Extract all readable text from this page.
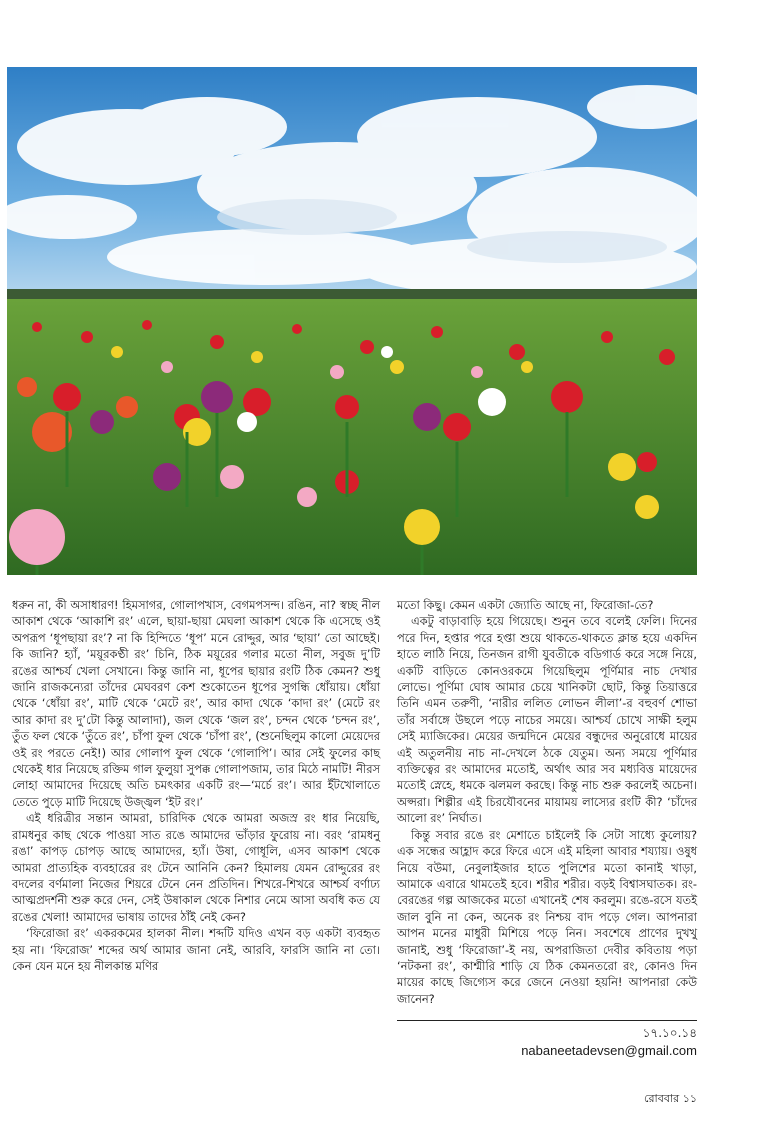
ধরুন না, কী অসাধারণ! হিমসাগর, গোলাপখাস, বেগমপসন্দ। রঙিন, না? স্বচ্ছ নীল আকাশ থেকে ‘আকাশি রং’ এলে, ছায়া-ছায়া মেঘলা আকাশ থেকে কি এসেছে ওই অপরূপ ‘ধূপছায়া রং’? না কি হিন্দিতে ‘ধূপ’ মনে রোদ্দুর, আর ‘ছায়া’ তো আছেই। কি জানি? হ্যাঁ, ‘ময়ূরকণ্ঠী রং’ চিনি, ঠিক ময়ূরের গলার মতো নীল, সবুজ দু’টি রঙের আশ্চর্য খেলা সেখানে। কিন্তু জানি না, ধূপের ছায়ার রংটি ঠিক কেমন? শুধু জানি রাজকন্যেরা তাঁদের মেঘবরণ কেশ শুকোতেন ধূপের সুগন্ধি ধোঁয়ায়। ধোঁয়া থেকে ‘ধোঁয়া রং’, মাটি থেকে ‘মেটে রং’, আর কাদা থেকে ‘কাদা রং’ (মেটে রং আর কাদা রং দু’টো কিন্তু আলাদা), জল থেকে ‘জল রং’, চন্দন থেকে ‘চন্দন রং’, তুঁত ফল থেকে ‘তুঁতে রং’, চাঁপা ফুল থেকে ‘চাঁপা রং’, (শুনেছিলুম কালো মেয়েদের ওই রং পরতে নেই!) আর গোলাপ ফুল থেকে ‘গোলাপি’। আর সেই ফুলের কাছ থেকেই ধার নিয়েছে রক্তিম গাল ফুলুয়া সুপক্ক গোলাপজাম, তার মিঠে নামটি! নীরস লোহা আমাদের দিয়েছে অতি চমৎকার একটি রং—‘মর্চে রং’। আর ইঁটখোলাতে তেতে পুড়ে মাটি দিয়েছে উজ্জ্বল ‘ইট রং।’

এই ধরিত্রীর সন্তান আমরা, চারিদিক থেকে আমরা অজস্র রং ধার নিয়েছি, রামধনুর কাছ থেকে পাওয়া সাত রঙে আমাদের ভাঁড়ার ফুরোয় না। বরং ‘রামধনু রঙা’ কাপড় চোপড় আছে আমাদের, হ্যাঁ। উষা, গোধূলি, এসব আকাশ থেকে আমরা প্রাত্যহিক ব্যবহারের রং টেনে আনিনি কেন? হিমালয় যেমন রোদ্দুরের রং বদলের বর্ণমালা নিজের শিয়রে টেনে নেন প্রতিদিন। শিখরে-শিখরে আশ্চর্য বর্ণাঢ্য আত্মপ্রদর্শনী শুরু করে দেন, সেই উষাকাল থেকে নিশার নেমে আসা অবধি কত যে রঙের খেলা! আমাদের ভাষায় তাদের ঠাঁই নেই কেন?

‘ফিরোজা রং’ একরকমের হালকা নীল। শব্দটি যদিও এখন বড় একটা ব্যবহৃত হয় না। ‘ফিরোজ’ শব্দের অর্থ আমার জানা নেই, আরবি, ফারসি জানি না তো। কেন যেন মনে হয় নীলকান্ত মণির

মতো কিছু। কেমন একটা জ্যোতি আছে না, ফিরোজা-তে?

একটু বাড়াবাড়ি হয়ে গিয়েছে। শুনুন তবে বলেই ফেলি। দিনের পরে দিন, হপ্তার পরে হপ্তা শুয়ে থাকতে-থাকতে ক্লান্ত হয়ে একদিন হাতে লাঠি নিয়ে, তিনজন রাগী যুবতীকে বডিগার্ড করে সঙ্গে নিয়ে, একটি বাড়িতে কোনওরকমে গিয়েছিলুম পূর্ণিমার নাচ দেখার লোভে। পূর্ণিমা ঘোষ আমার চেয়ে খানিকটা ছোট, কিন্তু তিয়াত্তরে তিনি এমন তরুণী, ‘নারীর ললিত লোভন লীলা’-র বহুবর্ণ শোভা তাঁর সর্বাঙ্গে উছলে পড়ে নাচের সময়ে। আশ্চর্য চোখে সাক্ষী হলুম সেই ম্যাজিকের। মেয়ের জন্মদিনে মেয়ের বন্ধুদের অনুরোধে মায়ের এই অতুলনীয় নাচ না-দেখলে ঠকে যেতুম। অন্য সময়ে পূর্ণিমার ব্যক্তিত্বের রং আমাদের মতোই, অর্থাৎ আর সব মধ্যবিত্ত মায়েদের মতোই স্নেহে, ধমকে ঝলমল করছে। কিন্তু নাচ শুরু করলেই অচেনা। অপ্সরা। শিল্পীর এই চিরযৌবনের মায়াময় লাস্যের রংটি কী? ‘চাঁদের আলো রং’ নির্ঘাত।

কিন্তু সবার রঙে রং মেশাতে চাইলেই কি সেটা সাধ্যে কুলোয়? এক সন্ধের আহ্লাদ করে ফিরে এসে এই মহিলা আবার শয্যায়। ওষুধ নিয়ে বউমা, নেবুলাইজার হাতে পুলিশের মতো কানাই খাড়া, আমাকে এবারে থামতেই হবে। শরীর শরীর। বড়ই বিশ্বাসঘাতক। রং-বেরঙের গল্প আজকের মতো এখানেই শেষ করলুম। রঙে-রসে যতই জাল বুনি না কেন, অনেক রং নিশ্চয় বাদ পড়ে গেল। আপনারা আপন মনের মাধুরী মিশিয়ে পড়ে নিন। সবশেষে প্রাণের দুখখু জানাই, শুধু ‘ফিরোজা’-ই নয়, অপরাজিতা দেবীর কবিতায় পড়া ‘নটকনা রং’, কাশ্মীরি শাড়ি যে ঠিক কেমনতরো রং, কোনও দিন মায়ের কাছে জিগ্যেস করে জেনে নেওয়া হয়নি! আপনারা কেউ জানেন?

১৭.১০.১৪
nabaneetadevsen@gmail.com
রোববার ১১
